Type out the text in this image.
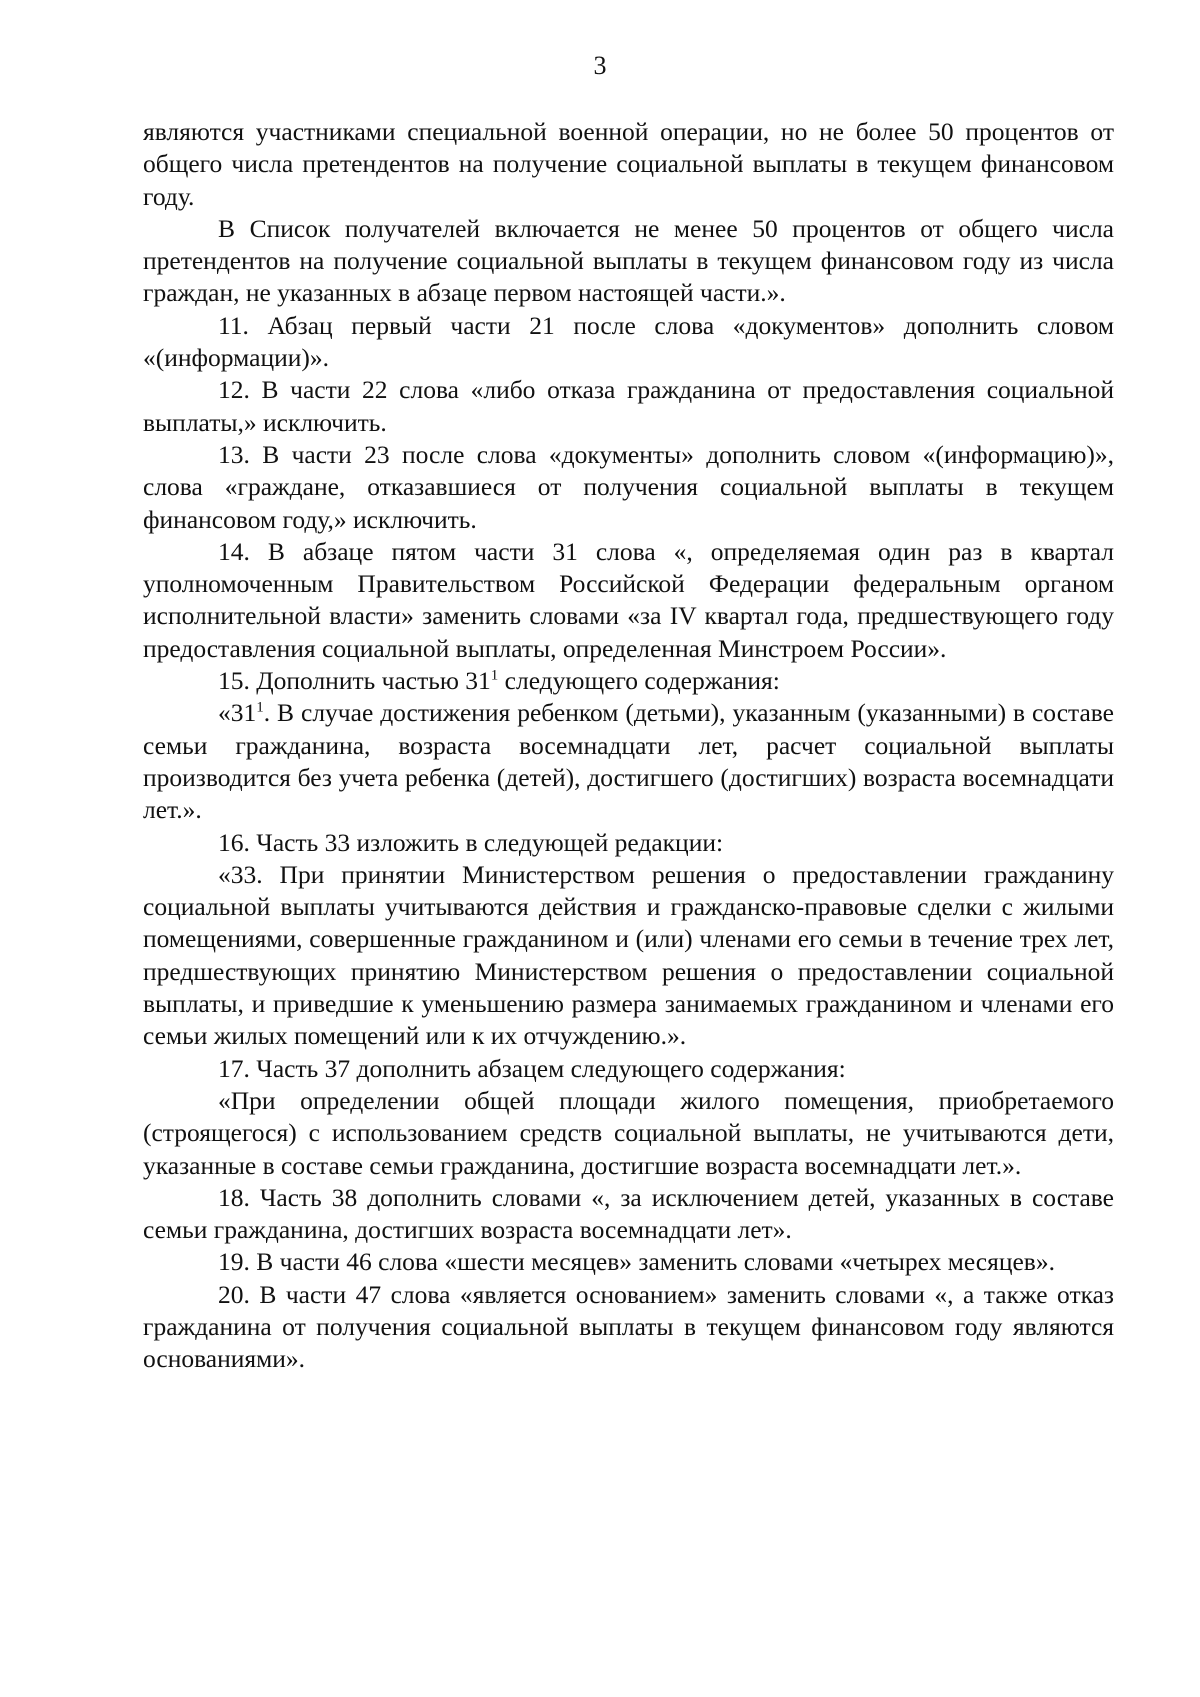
3

являются участниками специальной военной операции, но не более 50 процентов от общего числа претендентов на получение социальной выплаты в текущем финансовом году.

В Список получателей включается не менее 50 процентов от общего числа претендентов на получение социальной выплаты в текущем финансовом году из числа граждан, не указанных в абзаце первом настоящей части.».

11. Абзац первый части 21 после слова «документов» дополнить словом «(информации)».

12. В части 22 слова «либо отказа гражданина от предоставления социальной выплаты,» исключить.

13. В части 23 после слова «документы» дополнить словом «(информацию)», слова «граждане, отказавшиеся от получения социальной выплаты в текущем финансовом году,» исключить.

14. В абзаце пятом части 31 слова «, определяемая один раз в квартал уполномоченным Правительством Российской Федерации федеральным органом исполнительной власти» заменить словами «за IV квартал года, предшествующего году предоставления социальной выплаты, определенная Минстроем России».

15. Дополнить частью $31^1$ следующего содержания:

«$31^1$. В случае достижения ребенком (детьми), указанным (указанными) в составе семьи гражданина, возраста восемнадцати лет, расчет социальной выплаты производится без учета ребенка (детей), достигшего (достигших) возраста восемнадцати лет.».

16. Часть 33 изложить в следующей редакции:

«33. При принятии Министерством решения о предоставлении гражданину социальной выплаты учитываются действия и гражданско-правовые сделки с жилыми помещениями, совершенные гражданином и (или) членами его семьи в течение трех лет, предшествующих принятию Министерством решения о предоставлении социальной выплаты, и приведшие к уменьшению размера занимаемых гражданином и членами его семьи жилых помещений или к их отчуждению.».

17. Часть 37 дополнить абзацем следующего содержания:

«При определении общей площади жилого помещения, приобретаемого (строящегося) с использованием средств социальной выплаты, не учитываются дети, указанные в составе семьи гражданина, достигшие возраста восемнадцати лет.».

18. Часть 38 дополнить словами «, за исключением детей, указанных в составе семьи гражданина, достигших возраста восемнадцати лет».

19. В части 46 слова «шести месяцев» заменить словами «четырех месяцев».

20. В части 47 слова «является основанием» заменить словами «, а также отказ гражданина от получения социальной выплаты в текущем финансовом году являются основаниями».
